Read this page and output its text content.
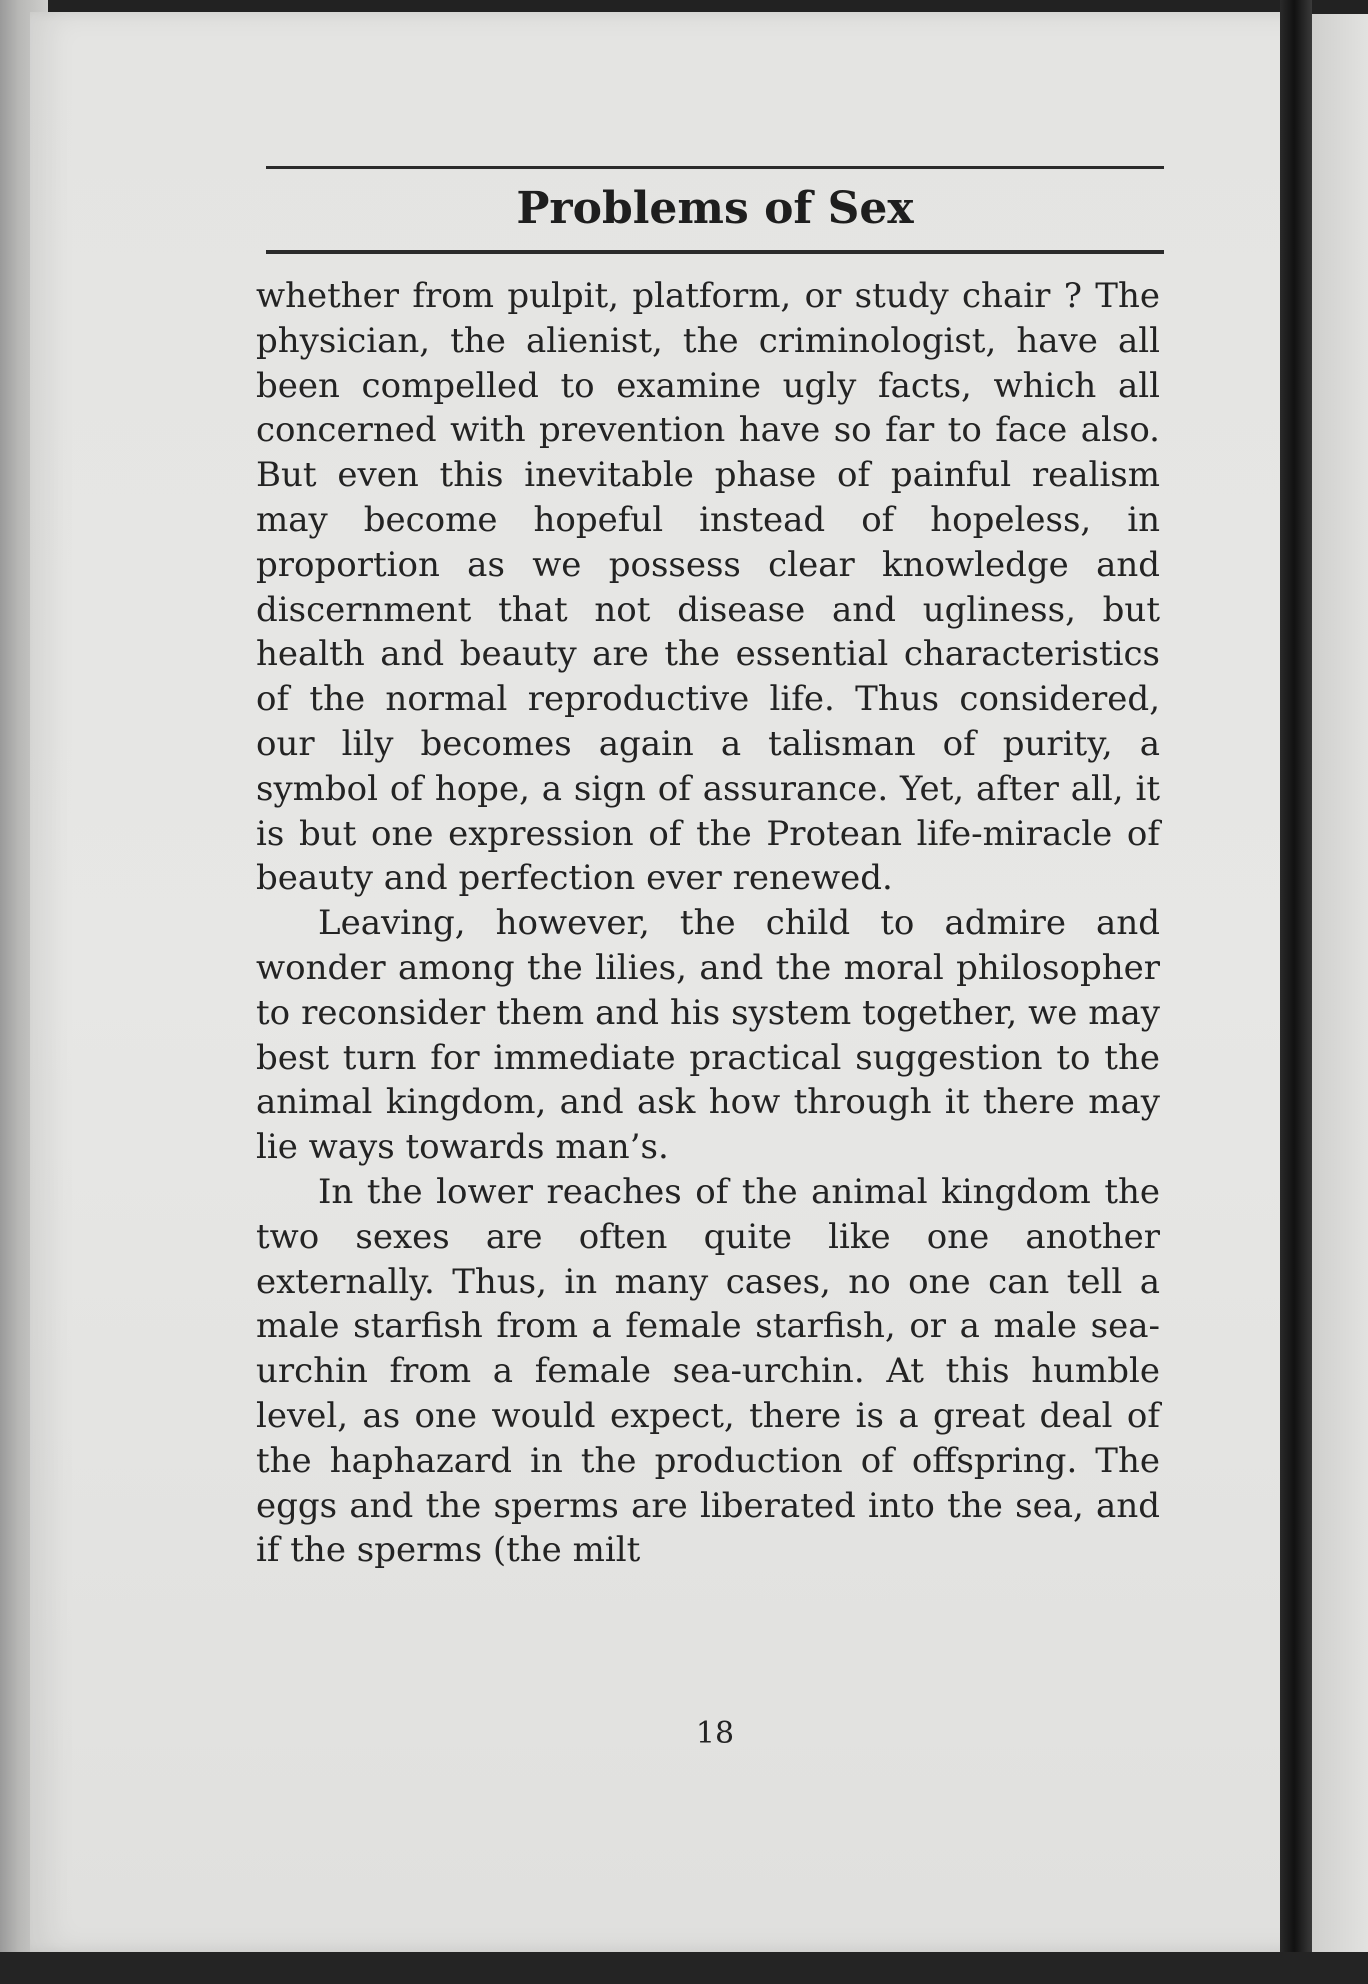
Problems of Sex

whether from pulpit, platform, or study chair ? The physician, the alienist, the criminologist, have all been compelled to examine ugly facts, which all concerned with prevention have so far to face also. But even this inevitable phase of painful realism may become hopeful instead of hopeless, in proportion as we possess clear knowledge and discernment that not disease and ugliness, but health and beauty are the essential characteristics of the normal reproductive life. Thus considered, our lily becomes again a talisman of purity, a symbol of hope, a sign of assurance. Yet, after all, it is but one expression of the Protean life-miracle of beauty and perfection ever renewed.

Leaving, however, the child to admire and wonder among the lilies, and the moral philosopher to reconsider them and his system together, we may best turn for immediate practical suggestion to the animal kingdom, and ask how through it there may lie ways towards man’s.

In the lower reaches of the animal kingdom the two sexes are often quite like one another externally. Thus, in many cases, no one can tell a male starfish from a female starfish, or a male sea-urchin from a female sea-urchin. At this humble level, as one would expect, there is a great deal of the haphazard in the production of offspring. The eggs and the sperms are liberated into the sea, and if the sperms (the milt

18
